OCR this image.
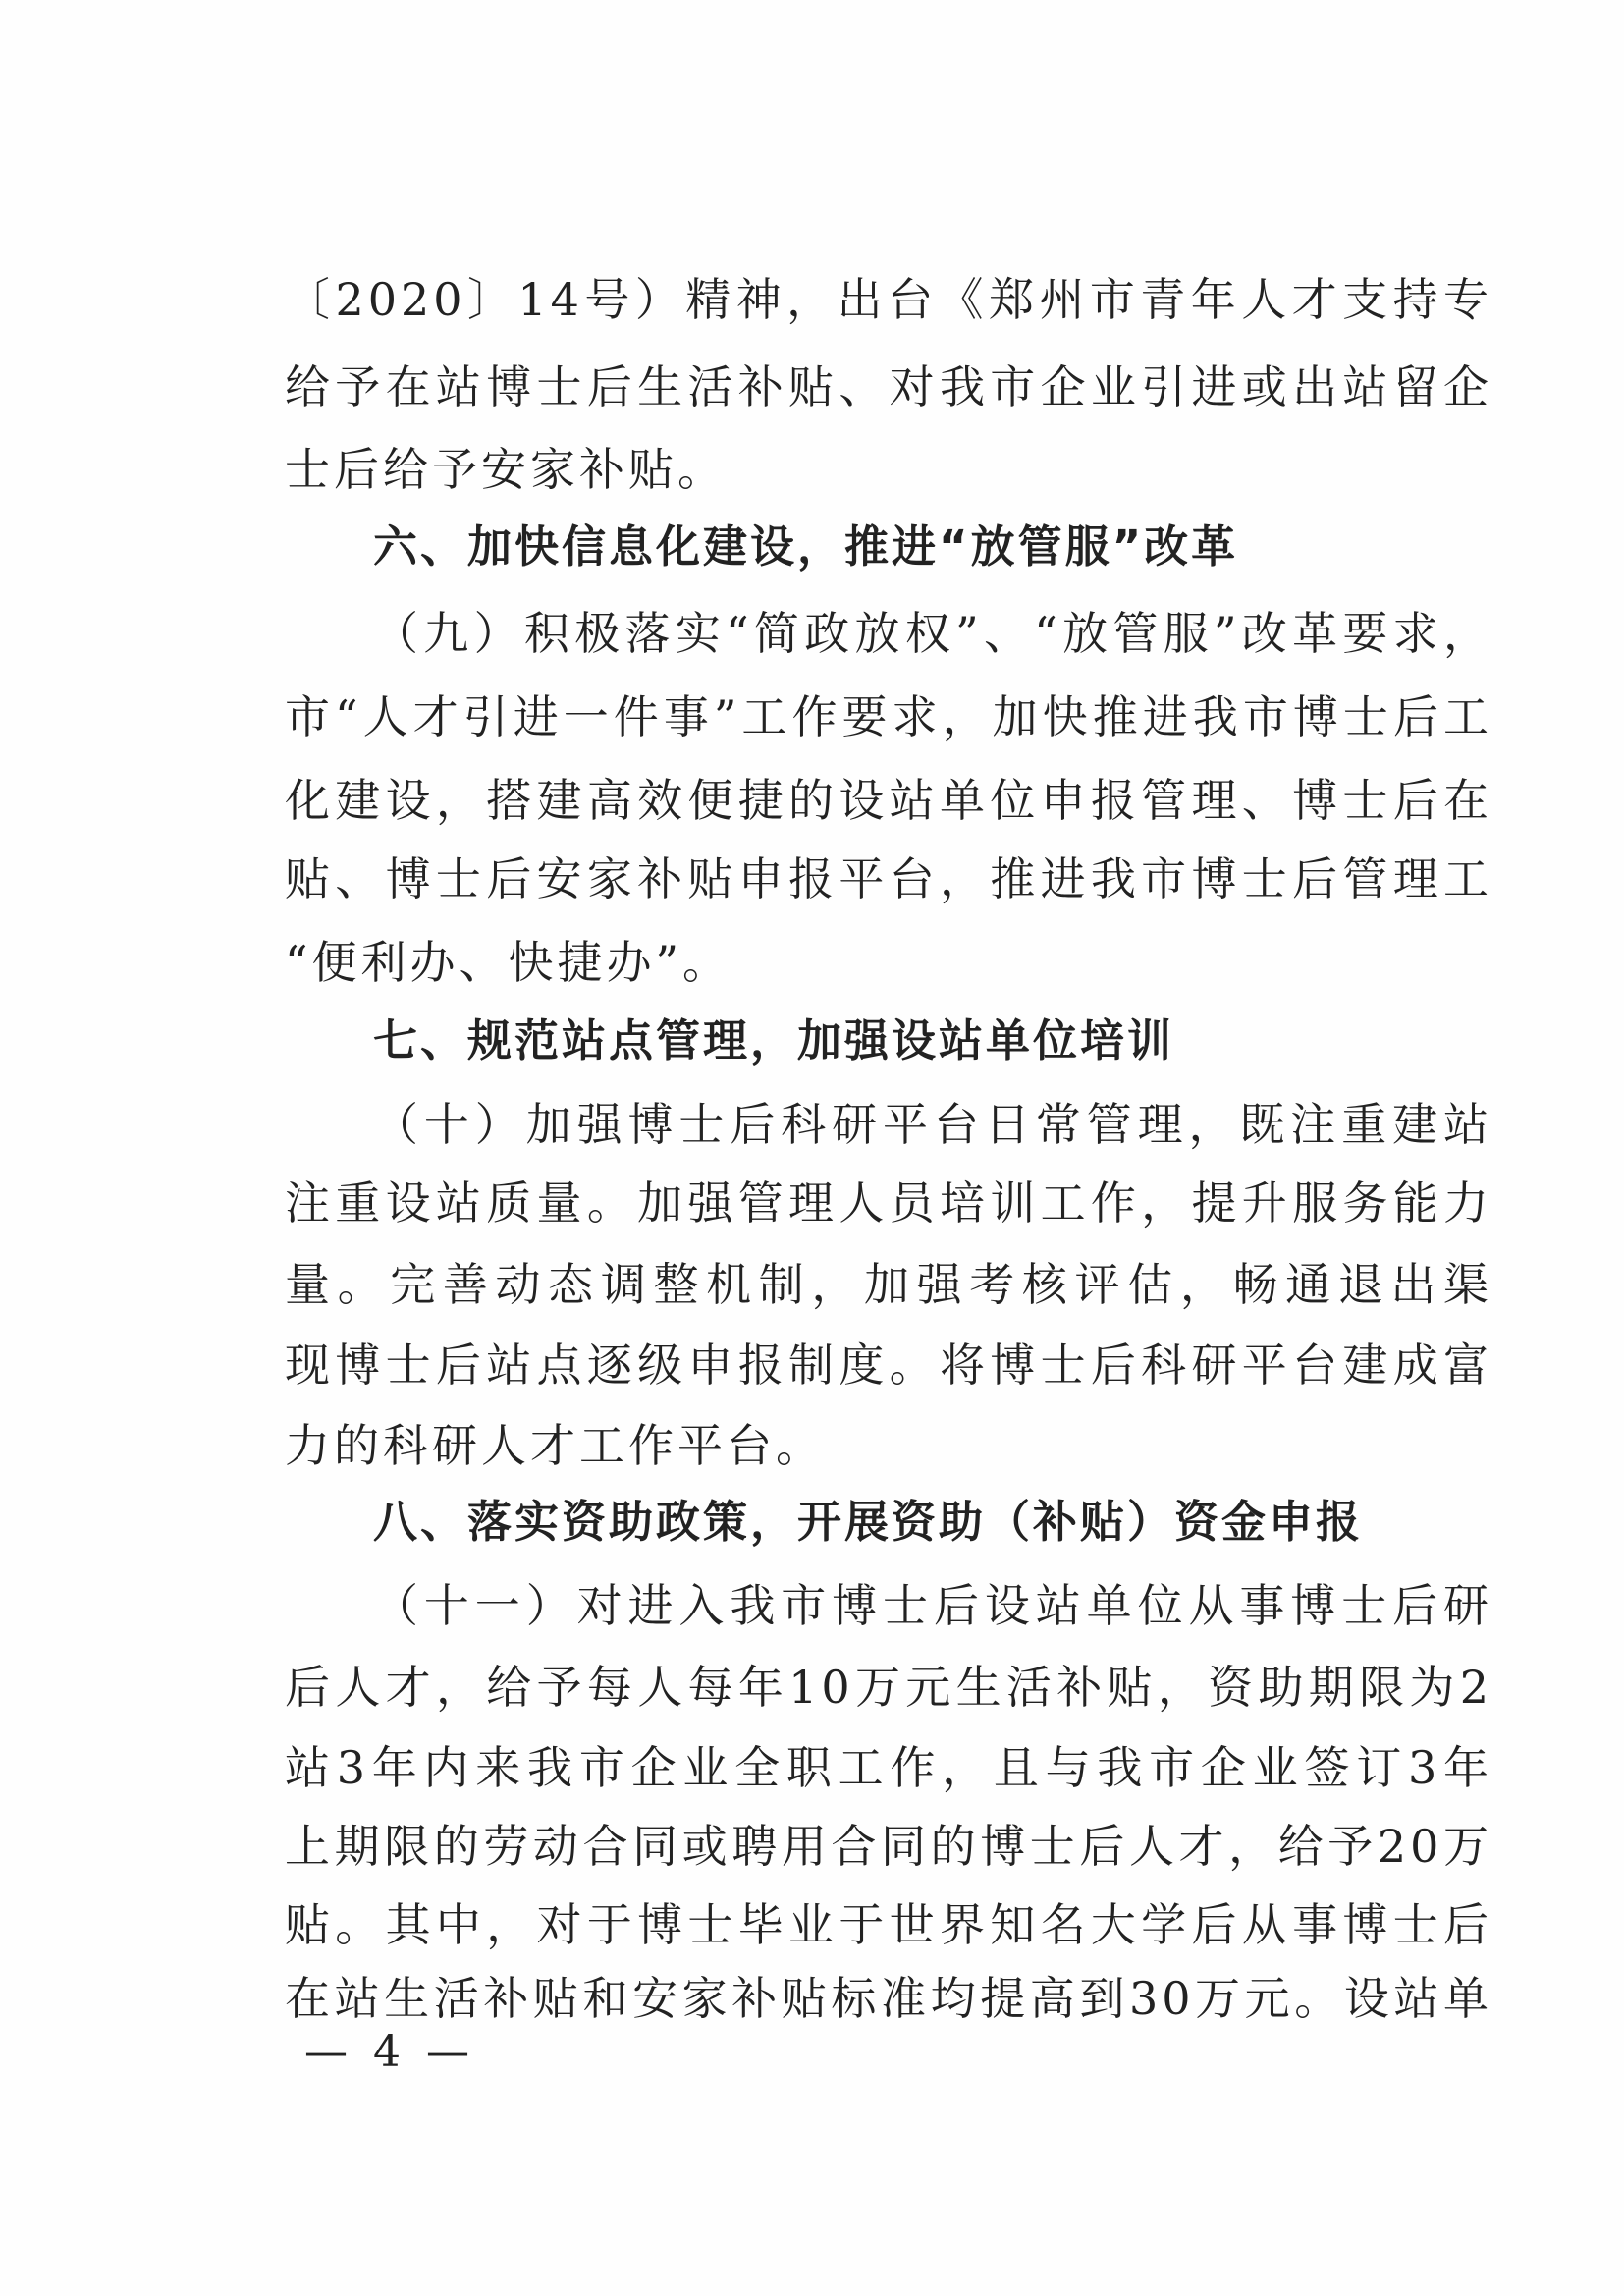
〔2020〕14号）精神，出台《郑州市青年人才支持专
给予在站博士后生活补贴、对我市企业引进或出站留企
士后给予安家补贴。
六、加快信息化建设，推进“放管服”改革
（九）积极落实“简政放权”、“放管服”改革要求，
市“人才引进一件事”工作要求，加快推进我市博士后工
化建设，搭建高效便捷的设站单位申报管理、博士后在
贴、博士后安家补贴申报平台，推进我市博士后管理工
“便利办、快捷办”。
七、规范站点管理，加强设站单位培训
（十）加强博士后科研平台日常管理，既注重建站
注重设站质量。加强管理人员培训工作，提升服务能力
量。完善动态调整机制，加强考核评估，畅通退出渠
现博士后站点逐级申报制度。将博士后科研平台建成富
力的科研人才工作平台。
八、落实资助政策，开展资助（补贴）资金申报
（十一）对进入我市博士后设站单位从事博士后研
后人才，给予每人每年10万元生活补贴，资助期限为2
站3年内来我市企业全职工作，且与我市企业签订3年
上期限的劳动合同或聘用合同的博士后人才，给予20万
贴。其中，对于博士毕业于世界知名大学后从事博士后
在站生活补贴和安家补贴标准均提高到30万元。设站单
— 4 —
